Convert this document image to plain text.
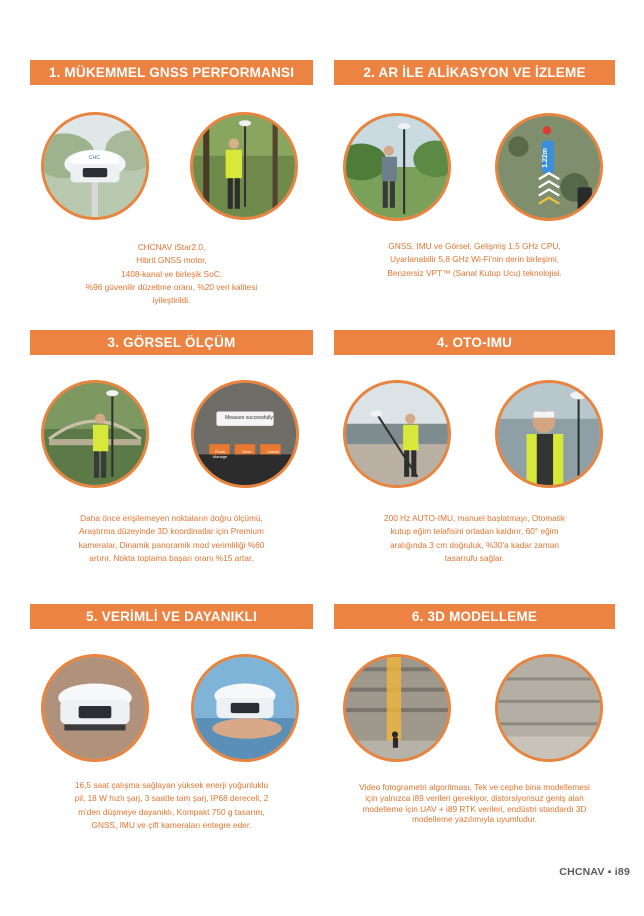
1. MÜKEMMEL GNSS PERFORMANSI
CHC
CHCNAV iStar2.0,
Hibrit GNSS motor,
1408-kanal ve birleşik SoC,
%96 güvenilir düzeltme oranı, %20 veri kalitesi
iyileştirildi.
2. AR İLE ALİKASYON VE İZLEME
1.22m
GNSS, IMU ve Görsel, Gelişmiş 1,5 GHz CPU,
Uyarlanabilir 5,8 GHz Wi-Fi'nin derin birleşimi,
Benzersiz VPT™ (Sanal Kutup Ucu) teknolojisi.
3. GÖRSEL ÖLÇÜM
Measure successfully
Photo Manage
Save	Cancel
Daha önce erişilemeyen noktaların doğru ölçümü,
Araştırma düzeyinde 3D koordinatlar için Premium
kameralar, Dinamik panoramik mod verimliliği %60
artırır, Nokta toplama başarı oranı %15 artar.
4. OTO-IMU
200 Hz AUTO-IMU, manuel başlatmayı, Otomatik
kutup eğim telafisini ortadan kaldırır, 60° eğim
aralığında 3 cm doğruluk, %30'a kadar zaman
tasarrufu sağlar.
5. VERİMLİ VE DAYANIKLI
16,5 saat çalışma sağlayan yüksek enerji yoğunluklu
pil, 18 W hızlı şarj, 3 saatte tam şarj, IP68 dereceli, 2
m'den düşmeye dayanıklı, Kompakt 750 g tasarım,
GNSS, IMU ve çift kameraları entegre eder.
6. 3D MODELLEME
Video fotogrametri algoritması, Tek ve cephe bina modellemesi
için yalnızca i89 verileri gerekiyor, distorsiyonsuz geniş alan
modelleme için UAV + i89 RTK verileri, endüstri standardı 3D
modelleme yazılımıyla uyumludur.
CHCNAV ▪ i89
